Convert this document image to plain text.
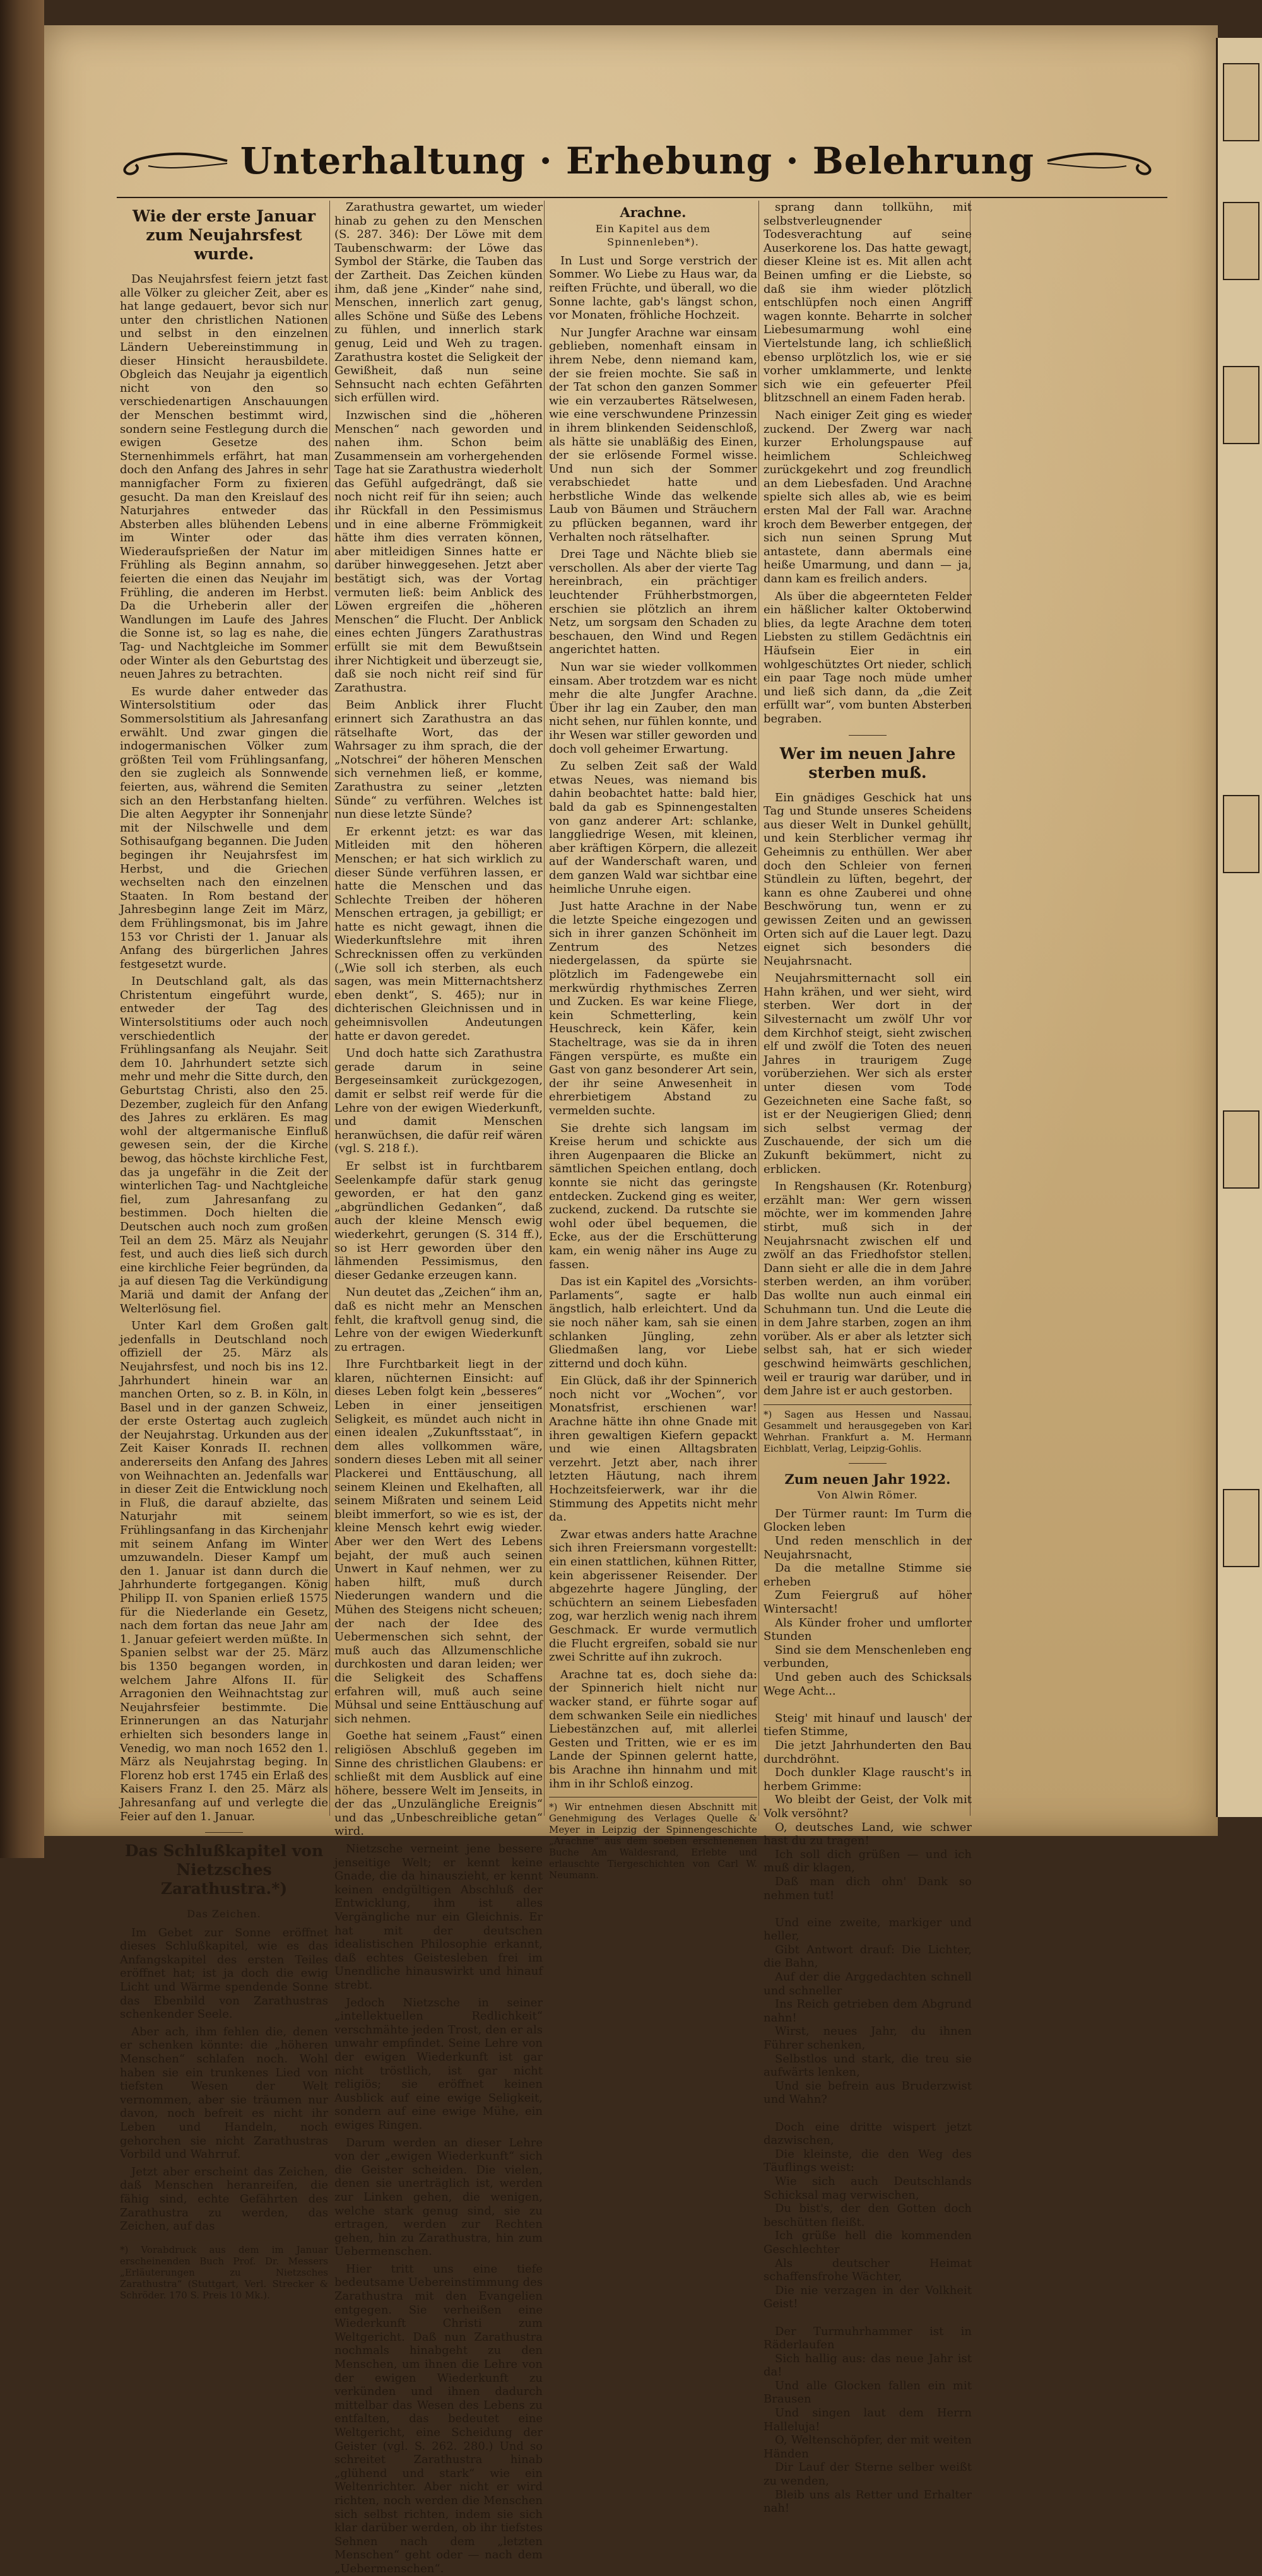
Unterhaltung · Erhebung · Belehrung
Wie der erste Januar zum Neujahrsfest wurde.

Das Neujahrsfest feiern jetzt fast alle Völker zu gleicher Zeit, aber es hat lange gedauert, bevor sich nur unter den christlichen Nationen und selbst in den einzelnen Ländern Uebereinstimmung in dieser Hinsicht herausbildete. Obgleich das Neujahr ja eigentlich nicht von den so verschiedenartigen Anschauungen der Menschen bestimmt wird, sondern seine Festlegung durch die ewigen Gesetze des Sternenhimmels erfährt, hat man doch den Anfang des Jahres in sehr mannigfacher Form zu fixieren gesucht. Da man den Kreislauf des Naturjahres entweder das Absterben alles blühenden Lebens im Winter oder das Wiederaufsprießen der Natur im Frühling als Beginn annahm, so feierten die einen das Neujahr im Frühling, die anderen im Herbst. Da die Urheberin aller der Wandlungen im Laufe des Jahres die Sonne ist, so lag es nahe, die Tag- und Nachtgleiche im Sommer oder Winter als den Geburtstag des neuen Jahres zu betrachten.

Es wurde daher entweder das Wintersolstitium oder das Sommersolstitium als Jahresanfang erwählt. Und zwar gingen die indogermanischen Völker zum größten Teil vom Frühlingsanfang, den sie zugleich als Sonnwende feierten, aus, während die Semiten sich an den Herbstanfang hielten. Die alten Aegypter ihr Sonnenjahr mit der Nilschwelle und dem Sothisaufgang begannen. Die Juden begingen ihr Neujahrsfest im Herbst, und die Griechen wechselten nach den einzelnen Staaten. In Rom bestand der Jahresbeginn lange Zeit im März, dem Frühlingsmonat, bis im Jahre 153 vor Christi der 1. Januar als Anfang des bürgerlichen Jahres festgesetzt wurde.

In Deutschland galt, als das Christentum eingeführt wurde, entweder der Tag des Wintersolstitiums oder auch noch verschiedentlich der Frühlingsanfang als Neujahr. Seit dem 10. Jahrhundert setzte sich mehr und mehr die Sitte durch, den Geburtstag Christi, also den 25. Dezember, zugleich für den Anfang des Jahres zu erklären. Es mag wohl der altgermanische Einfluß gewesen sein, der die Kirche bewog, das höchste kirchliche Fest, das ja ungefähr in die Zeit der winterlichen Tag- und Nachtgleiche fiel, zum Jahresanfang zu bestimmen. Doch hielten die Deutschen auch noch zum großen Teil an dem 25. März als Neujahr fest, und auch dies ließ sich durch eine kirchliche Feier begründen, da ja auf diesen Tag die Verkündigung Mariä und damit der Anfang der Welterlösung fiel.

Unter Karl dem Großen galt jedenfalls in Deutschland noch offiziell der 25. März als Neujahrsfest, und noch bis ins 12. Jahrhundert hinein war an manchen Orten, so z. B. in Köln, in Basel und in der ganzen Schweiz, der erste Ostertag auch zugleich der Neujahrstag. Urkunden aus der Zeit Kaiser Konrads II. rechnen andererseits den Anfang des Jahres von Weihnachten an. Jedenfalls war in dieser Zeit die Entwicklung noch in Fluß, die darauf abzielte, das Naturjahr mit seinem Frühlingsanfang in das Kirchenjahr mit seinem Anfang im Winter umzuwandeln. Dieser Kampf um den 1. Januar ist dann durch die Jahrhunderte fortgegangen. König Philipp II. von Spanien erließ 1575 für die Niederlande ein Gesetz, nach dem fortan das neue Jahr am 1. Januar gefeiert werden müßte. In Spanien selbst war der 25. März bis 1350 begangen worden, in welchem Jahre Alfons II. für Arragonien den Weihnachtstag zur Neujahrsfeier bestimmte. Die Erinnerungen an das Naturjahr erhielten sich besonders lange in Venedig, wo man noch 1652 den 1. März als Neujahrstag beging. In Florenz hob erst 1745 ein Erlaß des Kaisers Franz I. den 25. März als Jahresanfang auf und verlegte die Feier auf den 1. Januar.

Das Schlußkapitel von Nietzsches Zarathustra.*)
Das Zeichen.

Im Gebet zur Sonne eröffnet dieses Schlußkapitel, wie es das Anfangskapitel des ersten Teiles eröffnet hat; ist ja doch die ewig Licht und Wärme spendende Sonne das Ebenbild von Zarathustras schenkender Seele.

Aber ach, ihm fehlen die, denen er schenken könnte: die „höheren Menschen“ schlafen noch. Wohl haben sie ein trunkenes Lied von tiefsten Wesen der Welt vernommen, aber sie träumen nur davon, noch befreit es nicht ihr Leben und Handeln, noch gehorchen sie nicht Zarathustras Vorbild und Wahrruf.

Jetzt aber erscheint das Zeichen, daß Menschen heranreifen, die fähig sind, echte Gefährten des Zarathustra zu werden, das Zeichen, auf das

*) Vorabdruck aus dem im Januar erscheinenden Buch Prof. Dr. Messers „Erläuterungen zu Nietzsches Zarathustra“ (Stuttgart, Verl. Strecker & Schröder. 170 S. Preis 10 Mk.).

Zarathustra gewartet, um wieder hinab zu gehen zu den Menschen (S. 287. 346): Der Löwe mit dem Taubenschwarm: der Löwe das Symbol der Stärke, die Tauben das der Zartheit. Das Zeichen künden ihm, daß jene „Kinder“ nahe sind, Menschen, innerlich zart genug, alles Schöne und Süße des Lebens zu fühlen, und innerlich stark genug, Leid und Weh zu tragen. Zarathustra kostet die Seligkeit der Gewißheit, daß nun seine Sehnsucht nach echten Gefährten sich erfüllen wird.

Inzwischen sind die „höheren Menschen“ nach geworden und nahen ihm. Schon beim Zusammensein am vorhergehenden Tage hat sie Zarathustra wiederholt das Gefühl aufgedrängt, daß sie noch nicht reif für ihn seien; auch ihr Rückfall in den Pessimismus und in eine alberne Frömmigkeit hätte ihm dies verraten können, aber mitleidigen Sinnes hatte er darüber hinweggesehen. Jetzt aber bestätigt sich, was der Vortag vermuten ließ: beim Anblick des Löwen ergreifen die „höheren Menschen“ die Flucht. Der Anblick eines echten Jüngers Zarathustras erfüllt sie mit dem Bewußtsein ihrer Nichtigkeit und überzeugt sie, daß sie noch nicht reif sind für Zarathustra.

Beim Anblick ihrer Flucht erinnert sich Zarathustra an das rätselhafte Wort, das der Wahrsager zu ihm sprach, die der „Notschrei“ der höheren Menschen sich vernehmen ließ, er komme, Zarathustra zu seiner „letzten Sünde“ zu verführen. Welches ist nun diese letzte Sünde?

Er erkennt jetzt: es war das Mitleiden mit den höheren Menschen; er hat sich wirklich zu dieser Sünde verführen lassen, er hatte die Menschen und das Schlechte Treiben der höheren Menschen ertragen, ja gebilligt; er hatte es nicht gewagt, ihnen die Wiederkunftslehre mit ihren Schrecknissen offen zu verkünden („Wie soll ich sterben, als euch sagen, was mein Mitternachtsherz eben denkt“, S. 465); nur in dichterischen Gleichnissen und in geheimnisvollen Andeutungen hatte er davon geredet.

Und doch hatte sich Zarathustra gerade darum in seine Bergeseinsamkeit zurückgezogen, damit er selbst reif werde für die Lehre von der ewigen Wiederkunft, und damit Menschen heranwüchsen, die dafür reif wären (vgl. S. 218 f.).

Er selbst ist in furchtbarem Seelenkampfe dafür stark genug geworden, er hat den ganz „abgründlichen Gedanken“, daß auch der kleine Mensch ewig wiederkehrt, gerungen (S. 314 ff.), so ist Herr geworden über den lähmenden Pessimismus, den dieser Gedanke erzeugen kann.

Nun deutet das „Zeichen“ ihm an, daß es nicht mehr an Menschen fehlt, die kraftvoll genug sind, die Lehre von der ewigen Wiederkunft zu ertragen.

Ihre Furchtbarkeit liegt in der klaren, nüchternen Einsicht: auf dieses Leben folgt kein „besseres“ Leben in einer jenseitigen Seligkeit, es mündet auch nicht in einen idealen „Zukunftsstaat“, in dem alles vollkommen wäre, sondern dieses Leben mit all seiner Plackerei und Enttäuschung, all seinem Kleinen und Ekelhaften, all seinem Mißraten und seinem Leid bleibt immerfort, so wie es ist, der kleine Mensch kehrt ewig wieder. Aber wer den Wert des Lebens bejaht, der muß auch seinen Unwert in Kauf nehmen, wer zu haben hilft, muß durch Niederungen wandern und die Mühen des Steigens nicht scheuen; der nach der Idee des Uebermenschen sich sehnt, der muß auch das Allzumenschliche durchkosten und daran leiden; wer die Seligkeit des Schaffens erfahren will, muß auch seine Mühsal und seine Enttäuschung auf sich nehmen.

Goethe hat seinem „Faust“ einen religiösen Abschluß gegeben im Sinne des christlichen Glaubens: er schließt mit dem Ausblick auf eine höhere, bessere Welt im Jenseits, in der das „Unzulängliche Ereignis“ und das „Unbeschreibliche getan“ wird.

Nietzsche verneint jene bessere jenseitige Welt; er kennt keine Gnade, die da hinauszieht, er kennt keinen endgültigen Abschluß der Entwicklung, ihm ist alles Vergängliche nur ein Gleichnis. Er hat mit der deutschen idealistischen Philosophie erkannt, daß echtes Geistesleben frei im Unendliche hinauswirkt und hinauf strebt.

Jedoch Nietzsche in seiner „intellektuellen Redlichkeit“ verschmähte jeden Trost, den er als unwahr empfindet. Seine Lehre von der ewigen Wiederkunft ist gar nicht tröstlich, ist gar nicht religiös; sie eröffnet keinen Ausblick auf eine ewige Seligkeit, sondern auf eine ewige Mühe, ein ewiges Ringen.

Darum werden an dieser Lehre von der „ewigen Wiederkunft“ sich die Geister scheiden. Die vielen, denen sie unerträglich ist, werden zur Linken gehen, die wenigen, welche stark genug sind, sie zu ertragen, werden zur Rechten gehen, hin zu Zarathustra, hin zum Uebermenschen.

Hier tritt uns eine tiefe bedeutsame Uebereinstimmung des Zarathustra mit den Evangelien entgegen. Sie verheißen eine Wiederkunft Christi zum Weltgericht. Daß nun Zarathustra nochmals hinabgeht zu den Menschen, um ihnen die Lehre von der ewigen Wiederkunft zu verkünden und ihnen dadurch mittelbar das Wesen des Lebens zu entfalten, das bedeutet eine Weltgericht, eine Scheidung der Geister (vgl. S. 262. 280.) Und so schreitet Zarathustra hinab „glühend und stark“ wie ein Weltenrichter. Aber nicht er wird richten, noch werden die Menschen sich selbst richten, indem sie sich klar darüber werden, ob ihr tiefstes Sehnen nach dem „letzten Menschen“ geht oder — nach dem „Uebermenschen“.

Arachne.
Ein Kapitel aus dem Spinnenleben*).

In Lust und Sorge verstrich der Sommer. Wo Liebe zu Haus war, da reiften Früchte, und überall, wo die Sonne lachte, gab's längst schon, vor Monaten, fröhliche Hochzeit.

Nur Jungfer Arachne war einsam geblieben, nomenhaft einsam in ihrem Nebe, denn niemand kam, der sie freien mochte. Sie saß in der Tat schon den ganzen Sommer wie ein verzaubertes Rätselwesen, wie eine verschwundene Prinzessin in ihrem blinkenden Seidenschloß, als hätte sie unabläßig des Einen, der sie erlösende Formel wisse. Und nun sich der Sommer verabschiedet hatte und herbstliche Winde das welkende Laub von Bäumen und Sträuchern zu pflücken begannen, ward ihr Verhalten noch rätselhafter.

Drei Tage und Nächte blieb sie verschollen. Als aber der vierte Tag hereinbrach, ein prächtiger leuchtender Frühherbstmorgen, erschien sie plötzlich an ihrem Netz, um sorgsam den Schaden zu beschauen, den Wind und Regen angerichtet hatten.

Nun war sie wieder vollkommen einsam. Aber trotzdem war es nicht mehr die alte Jungfer Arachne. Über ihr lag ein Zauber, den man nicht sehen, nur fühlen konnte, und ihr Wesen war stiller geworden und doch voll geheimer Erwartung.

Zu selben Zeit saß der Wald etwas Neues, was niemand bis dahin beobachtet hatte: bald hier, bald da gab es Spinnengestalten von ganz anderer Art: schlanke, langgliedrige Wesen, mit kleinen, aber kräftigen Körpern, die allezeit auf der Wanderschaft waren, und dem ganzen Wald war sichtbar eine heimliche Unruhe eigen.

Just hatte Arachne in der Nabe die letzte Speiche eingezogen und sich in ihrer ganzen Schönheit im Zentrum des Netzes niedergelassen, da spürte sie plötzlich im Fadengewebe ein merkwürdig rhythmisches Zerren und Zucken. Es war keine Fliege, kein Schmetterling, kein Heuschreck, kein Käfer, kein Stacheltrage, was sie da in ihren Fängen verspürte, es mußte ein Gast von ganz besonderer Art sein, der ihr seine Anwesenheit in ehrerbietigem Abstand zu vermelden suchte.

Sie drehte sich langsam im Kreise herum und schickte aus ihren Augenpaaren die Blicke an sämtlichen Speichen entlang, doch konnte sie nicht das geringste entdecken. Zuckend ging es weiter, zuckend, zuckend. Da rutschte sie wohl oder übel bequemen, die Ecke, aus der die Erschütterung kam, ein wenig näher ins Auge zu fassen.

Das ist ein Kapitel des „Vorsichts-Parlaments“, sagte er halb ängstlich, halb erleichtert. Und da sie noch näher kam, sah sie einen schlanken Jüngling, zehn Gliedmaßen lang, vor Liebe zitternd und doch kühn.

Ein Glück, daß ihr der Spinnerich noch nicht vor „Wochen“, vor Monatsfrist, erschienen war! Arachne hätte ihn ohne Gnade mit ihren gewaltigen Kiefern gepackt und wie einen Alltagsbraten verzehrt. Jetzt aber, nach ihrer letzten Häutung, nach ihrem Hochzeitsfeierwerk, war ihr die Stimmung des Appetits nicht mehr da.

Zwar etwas anders hatte Arachne sich ihren Freiersmann vorgestellt: ein einen stattlichen, kühnen Ritter, kein abgerissener Reisender. Der abgezehrte hagere Jüngling, der schüchtern an seinem Liebesfaden zog, war herzlich wenig nach ihrem Geschmack. Er wurde vermutlich die Flucht ergreifen, sobald sie nur zwei Schritte auf ihn zukroch.

Arachne tat es, doch siehe da: der Spinnerich hielt nicht nur wacker stand, er führte sogar auf dem schwanken Seile ein niedliches Liebestänzchen auf, mit allerlei Gesten und Tritten, wie er es im Lande der Spinnen gelernt hatte, bis Arachne ihn hinnahm und mit ihm in ihr Schloß einzog.

*) Wir entnehmen diesen Abschnitt mit Genehmigung des Verlages Quelle & Meyer in Leipzig der Spinnengeschichte „Arachne“ aus dem soeben erschienenen Buche Am Waldesrand, Erlebte und erlauschte Tiergeschichten von Carl W. Neumann.

sprang dann tollkühn, mit selbstverleugnender Todesverachtung auf seine Auserkorene los. Das hatte gewagt, dieser Kleine ist es. Mit allen acht Beinen umfing er die Liebste, so daß sie ihm wieder plötzlich entschlüpfen noch einen Angriff wagen konnte. Beharrte in solcher Liebesumarmung wohl eine Viertelstunde lang, ich schließlich ebenso urplötzlich los, wie er sie vorher umklammerte, und lenkte sich wie ein gefeuerter Pfeil blitzschnell an einem Faden herab.

Nach einiger Zeit ging es wieder zuckend. Der Zwerg war nach kurzer Erholungspause auf heimlichem Schleichweg zurückgekehrt und zog freundlich an dem Liebesfaden. Und Arachne spielte sich alles ab, wie es beim ersten Mal der Fall war. Arachne kroch dem Bewerber entgegen, der sich nun seinen Sprung Mut antastete, dann abermals eine heiße Umarmung, und dann — ja, dann kam es freilich anders.

Als über die abgeernteten Felder ein häßlicher kalter Oktoberwind blies, da legte Arachne dem toten Liebsten zu stillem Gedächtnis ein Häufsein Eier in ein wohlgeschütztes Ort nieder, schlich ein paar Tage noch müde umher und ließ sich dann, da „die Zeit erfüllt war“, vom bunten Absterben begraben.

Wer im neuen Jahre sterben muß.

Ein gnädiges Geschick hat uns Tag und Stunde unseres Scheidens aus dieser Welt in Dunkel gehüllt, und kein Sterblicher vermag ihr Geheimnis zu enthüllen. Wer aber doch den Schleier von fernen Stündlein zu lüften, begehrt, der kann es ohne Zauberei und ohne Beschwörung tun, wenn er zu gewissen Zeiten und an gewissen Orten sich auf die Lauer legt. Dazu eignet sich besonders die Neujahrsnacht.

Neujahrsmitternacht soll ein Hahn krähen, und wer sieht, wird sterben. Wer dort in der Silvesternacht um zwölf Uhr vor dem Kirchhof steigt, sieht zwischen elf und zwölf die Toten des neuen Jahres in traurigem Zuge vorüberziehen. Wer sich als erster unter diesen vom Tode Gezeichneten eine Sache faßt, so ist er der Neugierigen Glied; denn sich selbst vermag der Zuschauende, der sich um die Zukunft bekümmert, nicht zu erblicken.

In Rengshausen (Kr. Rotenburg) erzählt man: Wer gern wissen möchte, wer im kommenden Jahre stirbt, muß sich in der Neujahrsnacht zwischen elf und zwölf an das Friedhofstor stellen. Dann sieht er alle die in dem Jahre sterben werden, an ihm vorüber. Das wollte nun auch einmal ein Schuhmann tun. Und die Leute die in dem Jahre starben, zogen an ihm vorüber. Als er aber als letzter sich selbst sah, hat er sich wieder geschwind heimwärts geschlichen, weil er traurig war darüber, und in dem Jahre ist er auch gestorben.

*) Sagen aus Hessen und Nassau. Gesammelt und herausgegeben von Karl Wehrhan. Frankfurt a. M. Hermann Eichblatt, Verlag, Leipzig-Gohlis.

Zum neuen Jahr 1922.
Von Alwin Römer.

Der Türmer raunt: Im Turm die Glocken leben
Und reden menschlich in der Neujahrsnacht,
Da die metallne Stimme sie erheben
Zum Feiergruß auf höher Wintersacht!
Als Künder froher und umflorter Stunden
Sind sie dem Menschenleben eng verbunden,
Und geben auch des Schicksals Wege Acht...

Steig' mit hinauf und lausch' der tiefen Stimme,
Die jetzt Jahrhunderten den Bau durchdröhnt.
Doch dunkler Klage rauscht's in herbem Grimme:
Wo bleibt der Geist, der Volk mit Volk versöhnt?
O, deutsches Land, wie schwer hast du zu tragen!
Ich soll dich grüßen — und ich muß dir klagen,
Daß man dich ohn' Dank so nehmen tut!

Und eine zweite, markiger und heller,
Gibt Antwort drauf: Die Lichter, die Bahn,
Auf der die Arggedachten schnell und schneller
Ins Reich getrieben dem Abgrund nahn!
Wirst, neues Jahr, du ihnen Führer schenken,
Selbstlos und stark, die treu sie aufwärts lenken,
Und sie befrein aus Bruderzwist und Wahn?

Doch eine dritte wispert jetzt dazwischen,
Die kleinste, die den Weg des Täuflings weist:
Wie sich auch Deutschlands Schicksal mag verwischen,
Du bist's, der den Gotten doch beschütten fleißt.
Ich grüße hell die kommenden Geschlechter
Als deutscher Heimat schaffensfrohe Wächter,
Die nie verzagen in der Volkheit Geist!

Der Turmuhrhammer ist in Räderlaufen
Sich hallig aus: das neue Jahr ist da!
Und alle Glocken fallen ein mit Brausen
Und singen laut dem Herrn Halleluja!
O, Weltenschöpfer, der mit weiten Händen
Dir Lauf der Sterne selber weißt zu wenden,
Bleib uns als Retter und Erhalter nah!
